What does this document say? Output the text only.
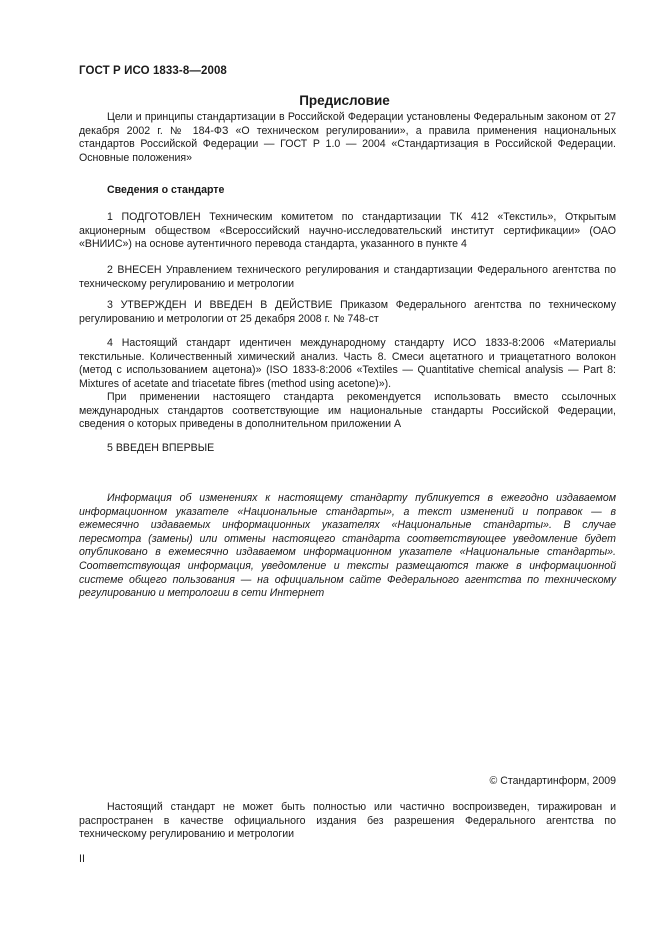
ГОСТ Р ИСО 1833-8—2008
Предисловие

Цели и принципы стандартизации в Российской Федерации установлены Федеральным законом от 27 декабря 2002 г. № 184-ФЗ «О техническом регулировании», а правила применения национальных стандартов Российской Федерации — ГОСТ Р 1.0 — 2004 «Стандартизация в Российской Федерации. Основные положения»

Сведения о стандарте

1 ПОДГОТОВЛЕН Техническим комитетом по стандартизации ТК 412 «Текстиль», Открытым акционерным обществом «Всероссийский научно-исследовательский институт сертификации» (ОАО «ВНИИС») на основе аутентичного перевода стандарта, указанного в пункте 4

2 ВНЕСЕН Управлением технического регулирования и стандартизации Федерального агентства по техническому регулированию и метрологии

3 УТВЕРЖДЕН И ВВЕДЕН В ДЕЙСТВИЕ Приказом Федерального агентства по техническому регулированию и метрологии от 25 декабря 2008 г. № 748-ст

4 Настоящий стандарт идентичен международному стандарту ИСО 1833-8:2006 «Материалы текстильные. Количественный химический анализ. Часть 8. Смеси ацетатного и триацетатного волокон (метод с использованием ацетона)» (ISO 1833-8:2006 «Textiles — Quantitative chemical analysis — Part 8: Mixtures of acetate and triacetate fibres (method using acetone)»).

При применении настоящего стандарта рекомендуется использовать вместо ссылочных международных стандартов соответствующие им национальные стандарты Российской Федерации, сведения о которых приведены в дополнительном приложении А

5 ВВЕДЕН ВПЕРВЫЕ

Информация об изменениях к настоящему стандарту публикуется в ежегодно издаваемом информационном указателе «Национальные стандарты», а текст изменений и поправок — в ежемесячно издаваемых информационных указателях «Национальные стандарты». В случае пересмотра (замены) или отмены настоящего стандарта соответствующее уведомление будет опубликовано в ежемесячно издаваемом информационном указателе «Национальные стандарты». Соответствующая информация, уведомление и тексты размещаются также в информационной системе общего пользования — на официальном сайте Федерального агентства по техническому регулированию и метрологии в сети Интернет

© Стандартинформ, 2009

Настоящий стандарт не может быть полностью или частично воспроизведен, тиражирован и распространен в качестве официального издания без разрешения Федерального агентства по техническому регулированию и метрологии

II
